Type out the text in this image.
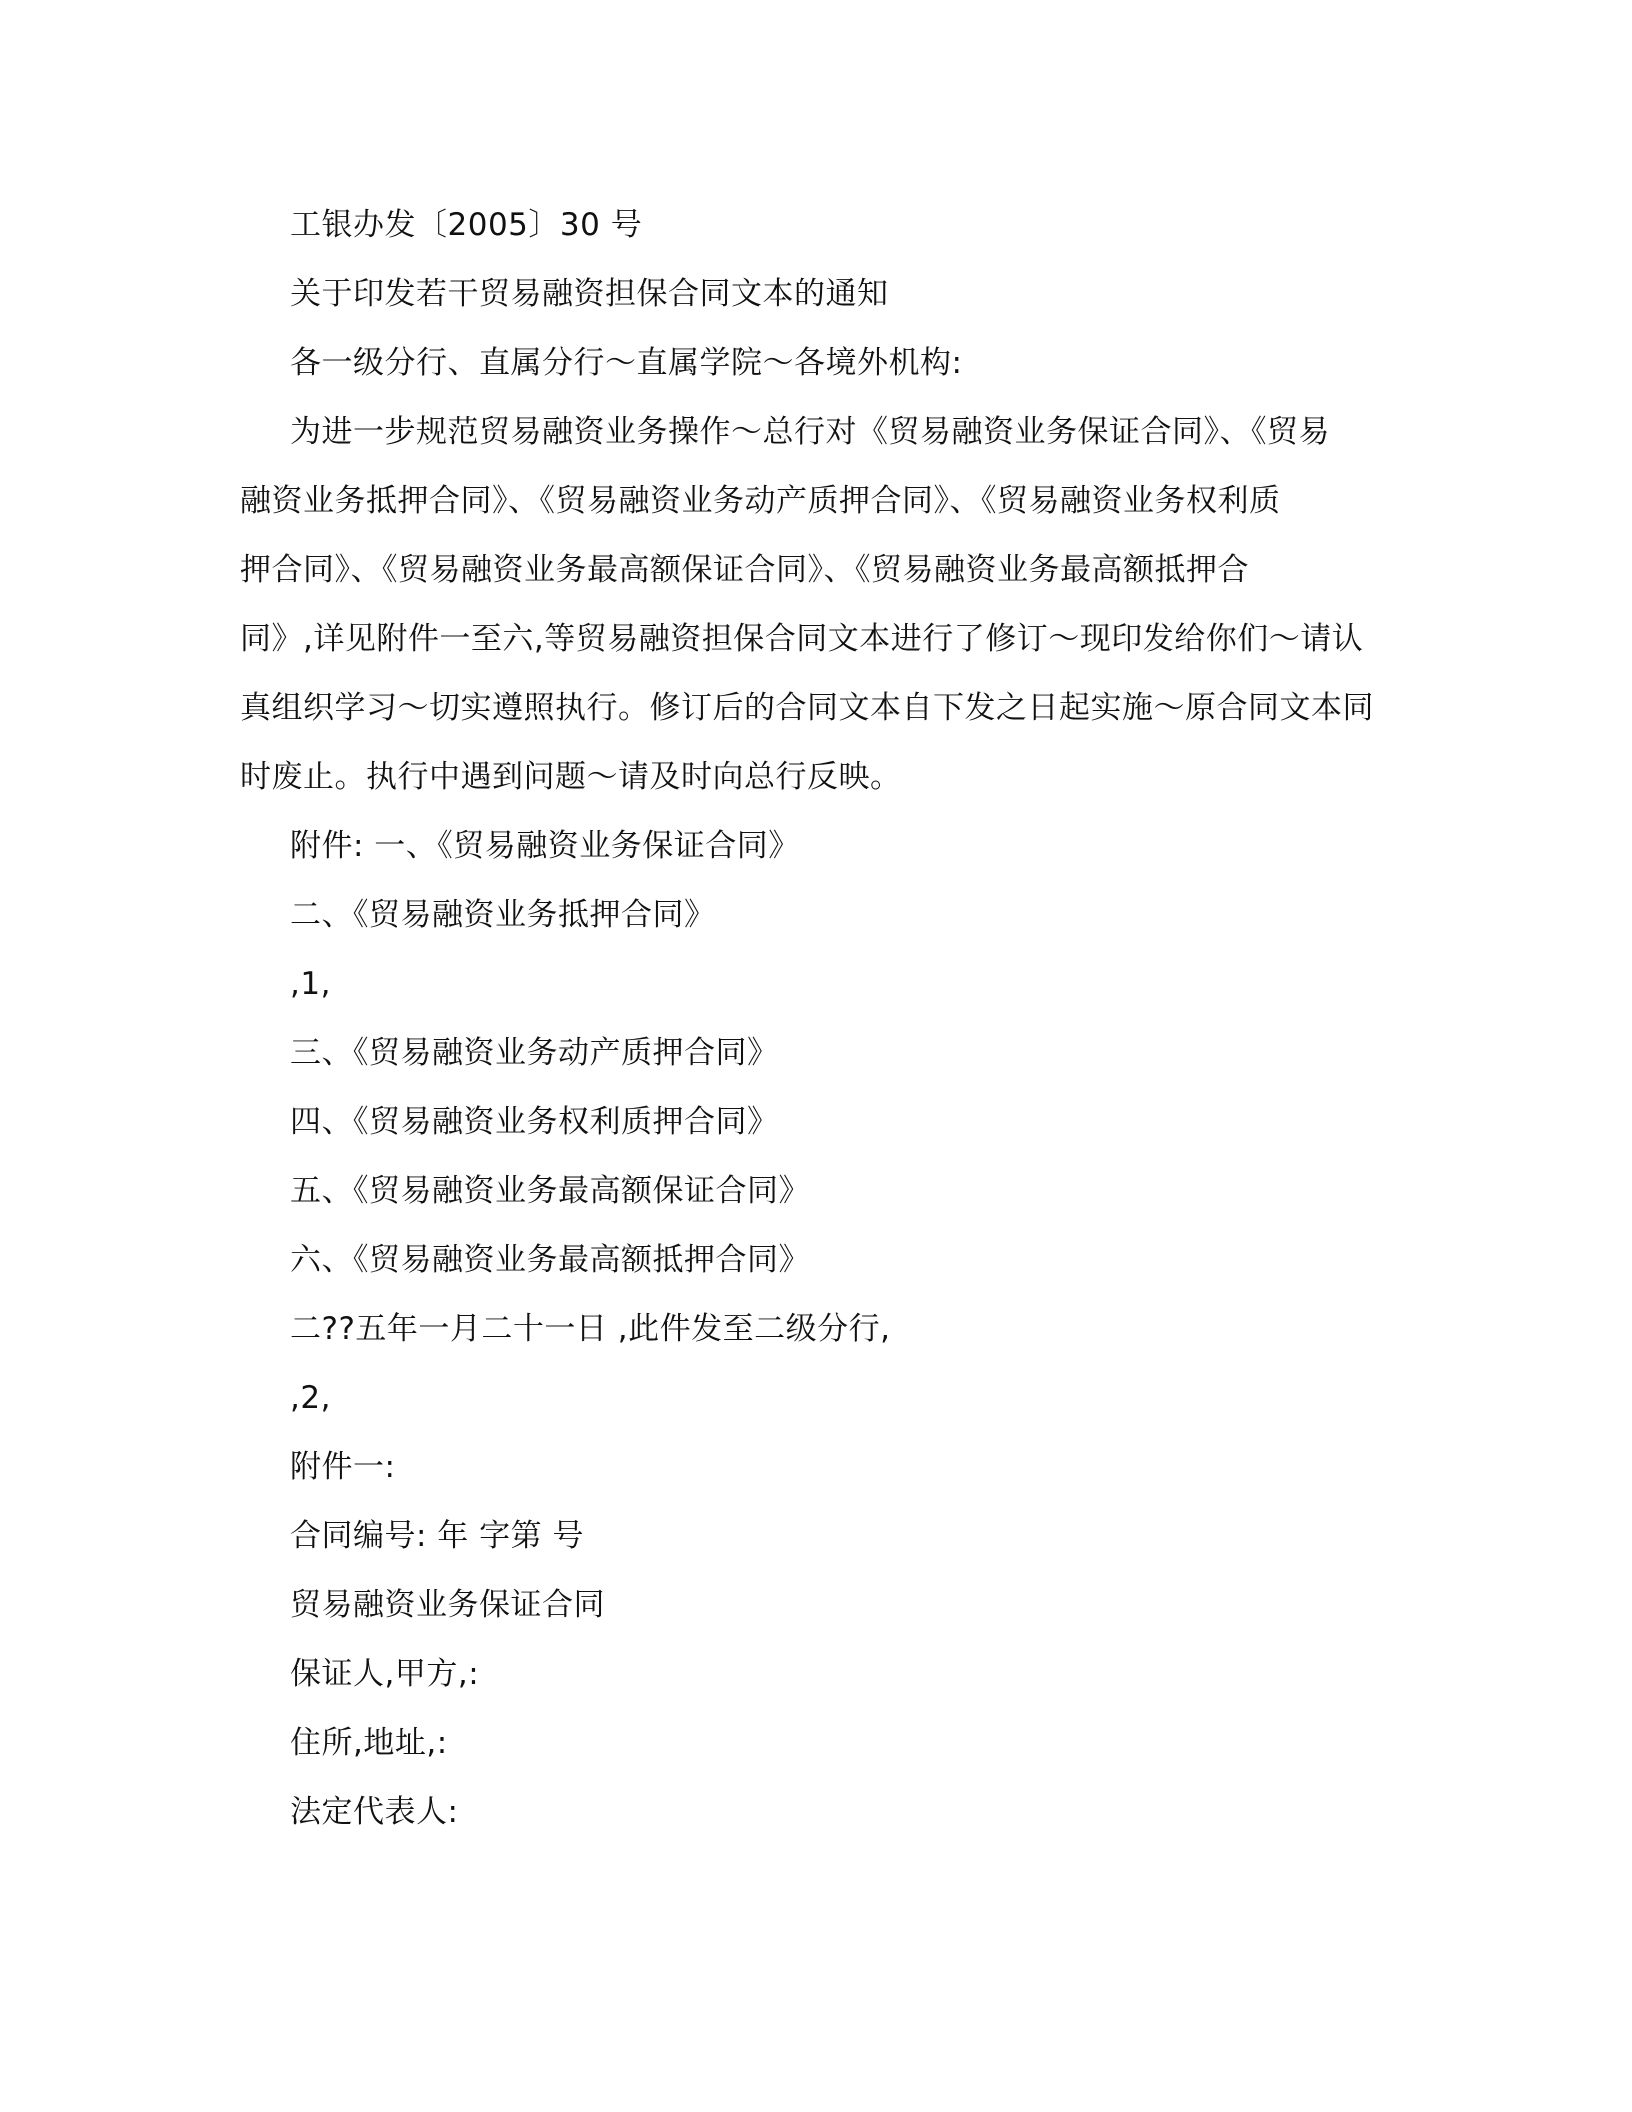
工银办发〔2005〕30 号
关于印发若干贸易融资担保合同文本的通知
各一级分行、直属分行～直属学院～各境外机构:
为进一步规范贸易融资业务操作～总行对《贸易融资业务保证合同》、《贸易
融资业务抵押合同》、《贸易融资业务动产质押合同》、《贸易融资业务权利质
押合同》、《贸易融资业务最高额保证合同》、《贸易融资业务最高额抵押合
同》,详见附件一至六,等贸易融资担保合同文本进行了修订～现印发给你们～请认
真组织学习～切实遵照执行。修订后的合同文本自下发之日起实施～原合同文本同
时废止。执行中遇到问题～请及时向总行反映。
附件: 一、《贸易融资业务保证合同》
二、《贸易融资业务抵押合同》
,1,
三、《贸易融资业务动产质押合同》
四、《贸易融资业务权利质押合同》
五、《贸易融资业务最高额保证合同》
六、《贸易融资业务最高额抵押合同》
二??五年一月二十一日 ,此件发至二级分行,
,2,
附件一:
合同编号: 年 字第 号
贸易融资业务保证合同
保证人,甲方,:
住所,地址,:
法定代表人:
